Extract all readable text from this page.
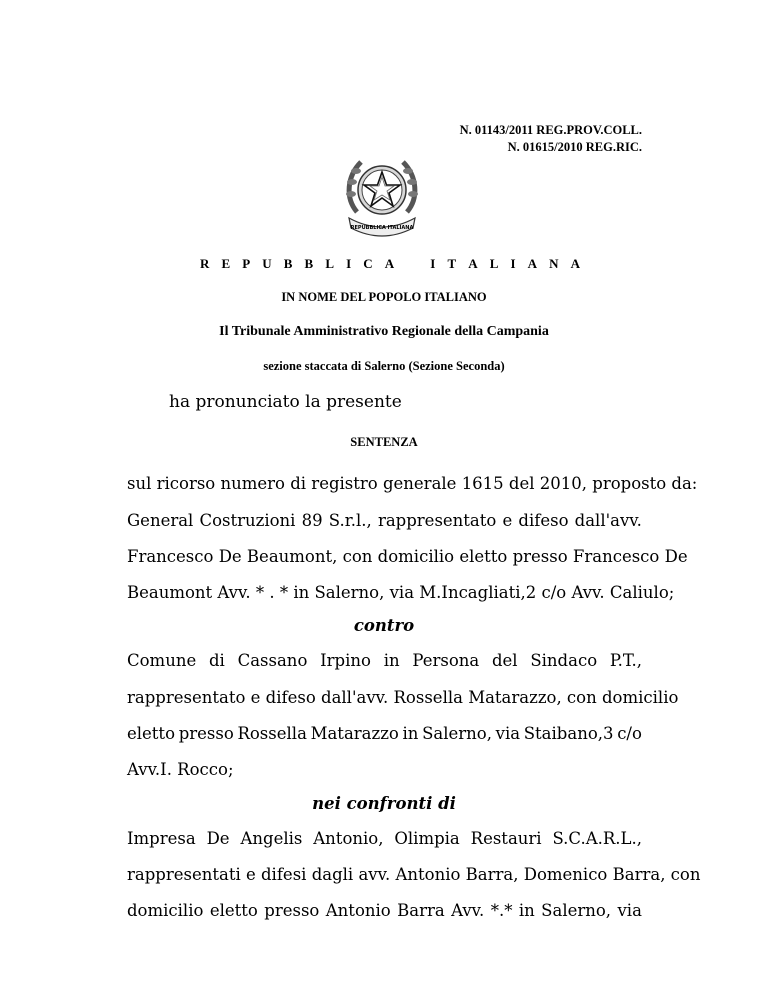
N. 01143/2011 REG.PROV.COLL.
N. 01615/2010 REG.RIC.
REPUBBLICA ITALIANA
R E P U B B L I C A	I T A L I A N A
IN NOME DEL POPOLO ITALIANO
Il Tribunale Amministrativo Regionale della Campania
sezione staccata di Salerno (Sezione Seconda)
ha pronunciato la presente
SENTENZA
sul ricorso numero di registro generale 1615 del 2010, proposto da:
General Costruzioni 89 S.r.l., rappresentato e difeso dall'avv.
Francesco De Beaumont, con domicilio eletto presso Francesco De
Beaumont Avv. * . * in Salerno, via M.Incagliati,2 c/o Avv. Caliulo;
contro
Comune di Cassano Irpino in Persona del Sindaco P.T.,
rappresentato e difeso dall'avv. Rossella Matarazzo, con domicilio
eletto presso Rossella Matarazzo in Salerno, via Staibano,3 c/o
Avv.I. Rocco;
nei confronti di
Impresa De Angelis Antonio, Olimpia Restauri S.C.A.R.L.,
rappresentati e difesi dagli avv. Antonio Barra, Domenico Barra, con
domicilio eletto presso Antonio Barra Avv. *.* in Salerno, via
